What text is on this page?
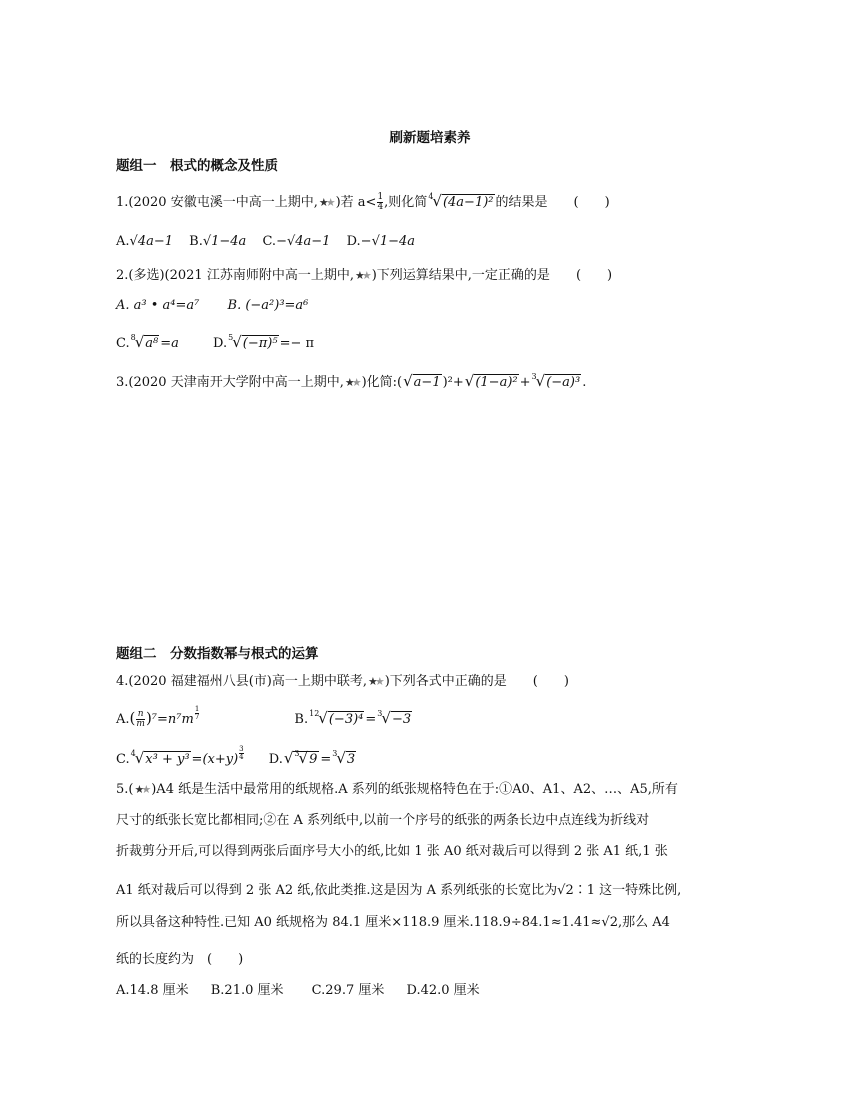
刷新题培素养
题组一　根式的概念及性质
1.(2020 安徽屯溪一中高一上期中,★★ )若 $a< \frac{1}{4}$ ,则化简$^4$√(4a−1)² 的结果是 (　　)
A.√4a−1 B.√1−4a C.−√4a−1 D.−√1−4a
2.(多选)(2021 江苏南师附中高一上期中,★★ )下列运算结果中,一定正确的是 (　　)
A. a³ • a⁴=a⁷ B. (−a²)³=a⁶
C.$^8$√a⁸ =a	D.$^5$√(−π)⁵ =− π
3.(2020 天津南开大学附中高一上期中,★★ )化简:(√a−1 )²+√(1−a)² +$^3$√(−a)³ .
题组二　分数指数幂与根式的运算
4.(2020 福建福州八县(市)高一上期中联考,★★ )下列各式中正确的是 (　　)
$A.( \frac{n}{m} )^7=n^7m \frac{1}{7}$	B.$^{12}$√(−3)⁴ =$^3$√−3
$C.^4√x^3 + y^3 =(x+y) \frac{3}{4} D.√^3√9 =^3√3$
5.(★★ )A4 纸是生活中最常用的纸规格.A 系列的纸张规格特色在于:①A0、A1、A2、…、A5,所有
尺寸的纸张长宽比都相同;②在 A 系列纸中,以前一个序号的纸张的两条长边中点连线为折线对
折裁剪分开后,可以得到两张后面序号大小的纸,比如 1 张 A0 纸对裁后可以得到 2 张 A1 纸,1 张
A1 纸对裁后可以得到 2 张 A2 纸,依此类推.这是因为 A 系列纸张的长宽比为√2∶1 这一特殊比例,
所以具备这种特性.已知 A0 纸规格为 84.1 厘米×118.9 厘米.118.9÷84.1≈1.41≈√2,那么 A4
纸的长度约为　(　　)
A.14.8 厘米 B.21.0 厘米 C.29.7 厘米 D.42.0 厘米
